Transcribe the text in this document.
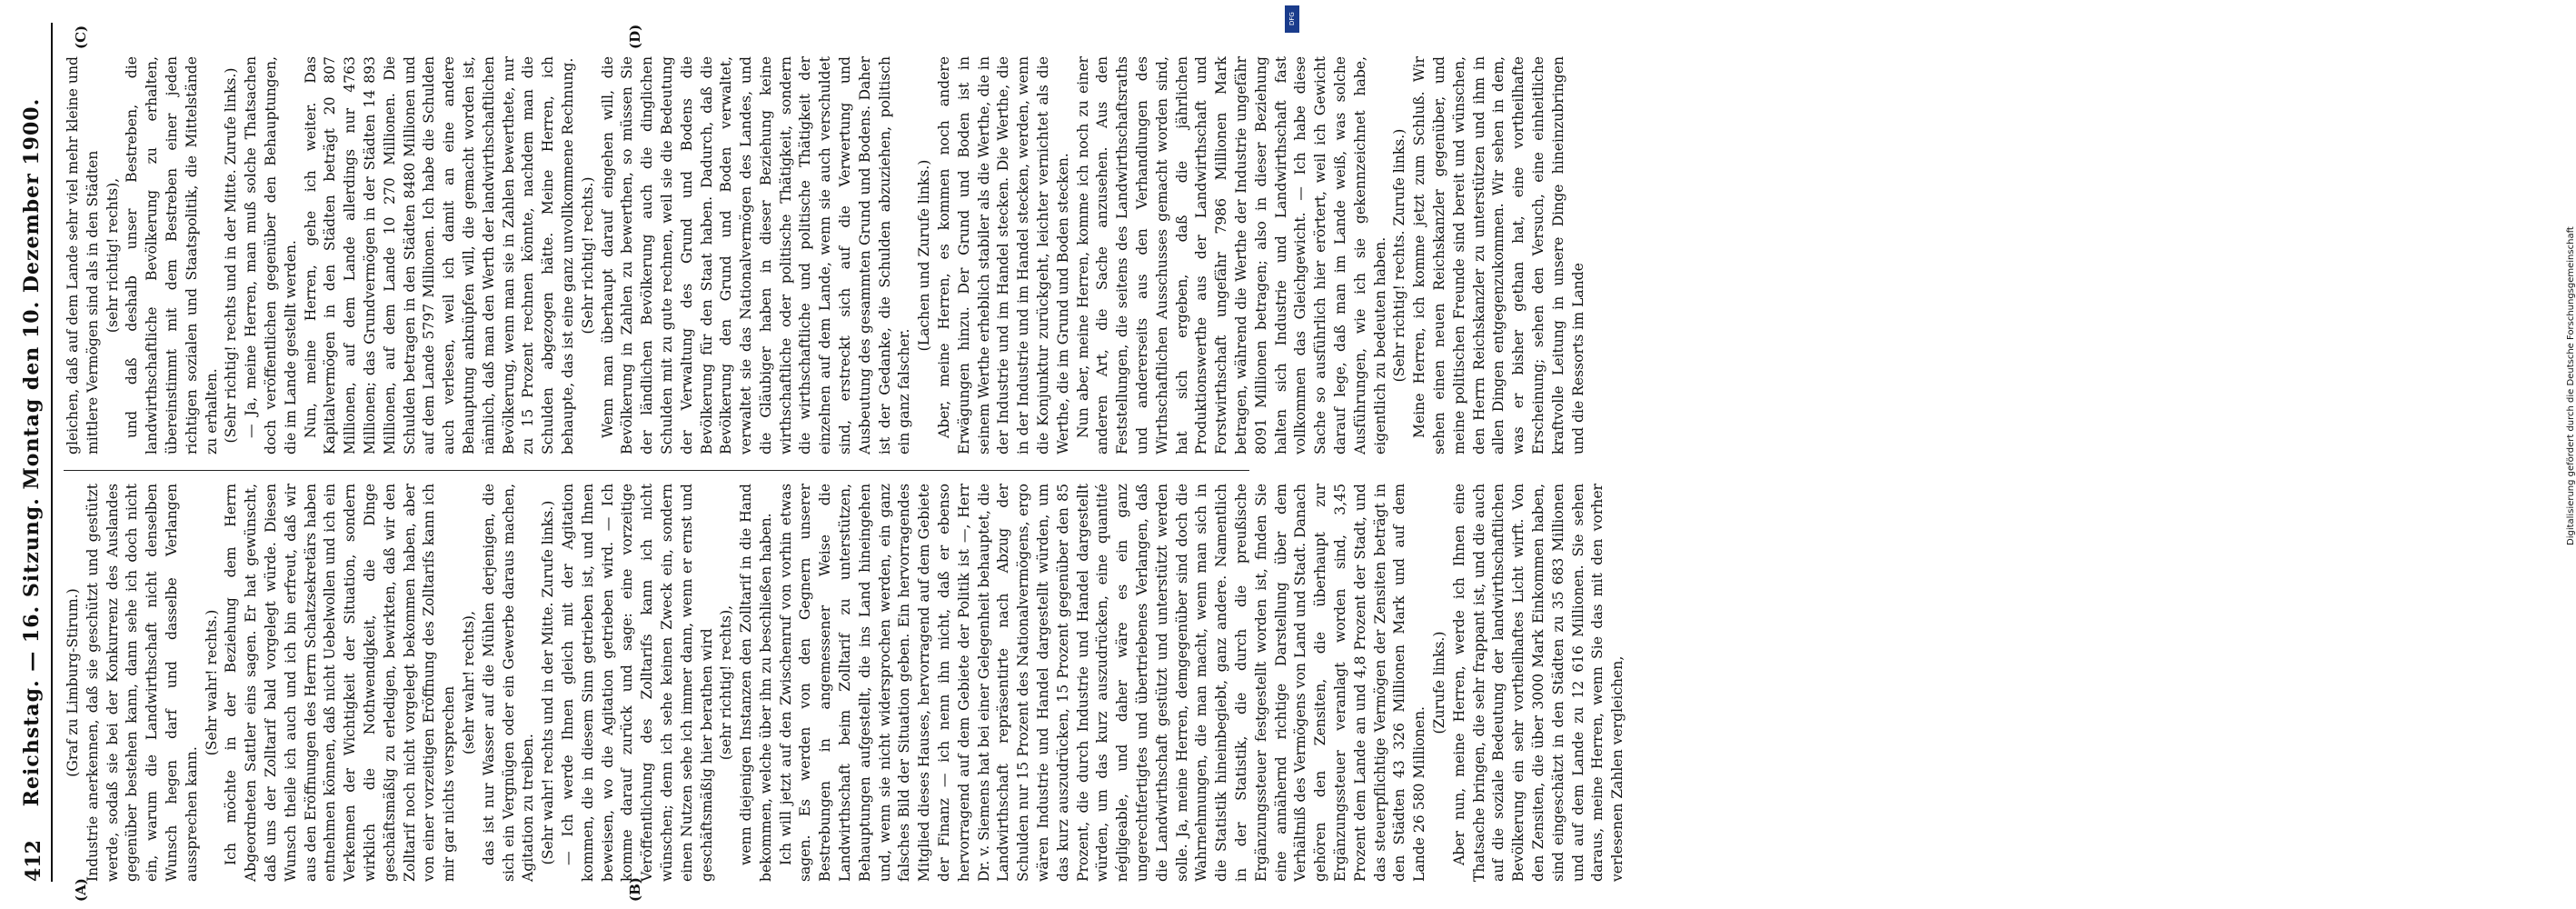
412
Reichstag. — 16. Sitzung. Montag den 10. Dezember 1900.
(A)	(B)
(C)	(D)

(Graf zu Limburg-Stirum.) Industrie anerkennen, daß sie geschützt und gestützt werde, sodaß sie bei der Konkurrenz des Auslandes gegenüber bestehen kann, dann sehe ich doch nicht ein, warum die Landwirthschaft nicht denselben Wunsch hegen darf und dasselbe Verlangen aussprechen kann.

(Sehr wahr! rechts.) Ich möchte in der Beziehung dem Herrn Abgeordneten Sattler eins sagen. Er hat gewünscht, daß uns der Zolltarif bald vorgelegt würde. Diesen Wunsch theile ich auch und ich bin erfreut, daß wir aus den Eröffnungen des Herrn Schatzsekretärs haben entnehmen können, daß nicht Uebelwollen und ich ein Verkennen der Wichtigkeit der Situation, sondern wirklich die Nothwendigkeit, die Dinge geschäftsmäßig zu erledigen, bewirkten, daß wir den Zolltarif noch nicht vorgelegt bekommen haben, aber von einer vorzeitigen Eröffnung des Zolltarifs kann ich mir gar nichts versprechen

(sehr wahr! rechts), das ist nur Wasser auf die Mühlen derjenigen, die sich ein Vergnügen oder ein Gewerbe daraus machen, Agitation zu treiben. (Sehr wahr! rechts und in der Mitte. Zurufe links.) — Ich werde Ihnen gleich mit der Agitation kommen, die in diesem Sinn getrieben ist, und Ihnen beweisen, wo die Agitation getrieben wird. — Ich komme darauf zurück und sage: eine vorzeitige Veröffentlichung des Zolltarifs kann ich nicht wünschen; denn ich sehe keinen Zweck ein, sondern einen Nutzen sehe ich immer dann, wenn er ernst und geschäftsmäßig hier berathen wird (sehr richtig! rechts), wenn diejenigen Instanzen den Zolltarif in die Hand bekommen, welche über ihn zu beschließen haben. Ich will jetzt auf den Zwischenruf von vorhin etwas sagen. Es werden von den Gegnern unserer Bestrebungen in angemessener Weise die Landwirthschaft beim Zolltarif zu unterstützen, Behauptungen aufgestellt, die ins Land hineingehen und, wenn sie nicht widersprochen werden, ein ganz falsches Bild der Situation geben. Ein hervorragendes Mitglied dieses Hauses, hervorragend auf dem Gebiete der Finanz — ich nenn ihn nicht, daß er ebenso hervorragend auf dem Gebiete der Politik ist —, Herr Dr. v. Siemens hat bei einer Gelegenheit behauptet, die Landwirthschaft repräsentirte nach Abzug der Schulden nur 15 Prozent des Nationalvermögens, ergo wären Industrie und Handel dargestellt würden, um das kurz auszudrücken, 15 Prozent gegenüber den 85 Prozent, die durch Industrie und Handel dargestellt würden, um das kurz auszudrücken, eine quantité négligeable, und daher wäre es ein ganz ungerechtfertigtes und übertriebenes Verlangen, daß die Landwirthschaft gestützt und unterstützt werden solle. Ja, meine Herren, demgegenüber sind doch die Wahrnehmungen, die man macht, wenn man sich in die Statistik hineinbegiebt, ganz andere. Namentlich in der Statistik, die durch die preußische Ergänzungssteuer festgestellt worden ist, finden Sie eine annähernd richtige Darstellung über dem Verhältniß des Vermögens von Land und Stadt. Danach gehören den Zensiten, die überhaupt zur Ergänzungssteuer veranlagt worden sind, 3,45 Prozent dem Lande an und 4,8 Prozent der Stadt, und das steuerpflichtige Vermögen der Zensiten beträgt in den Städten 43 326 Millionen Mark und auf dem Lande 26 580 Millionen.

(Zurufe links.) Aber nun, meine Herren, werde ich Ihnen eine Thatsache bringen, die sehr frappant ist, und die auch auf die soziale Bedeutung der landwirthschaftlichen Bevölkerung ein sehr vortheilhaftes Licht wirft. Von den Zensiten, die über 3000 Mark Einkommen haben, sind eingeschätzt in den Städten zu 35 683 Millionen und auf dem Lande zu 12 616 Millionen. Sie sehen daraus, meine Herren, wenn Sie das mit den vorher verlesenen Zahlen vergleichen,

gleichen, daß auf dem Lande sehr viel mehr kleine und mittlere Vermögen sind als in den Städten (sehr richtig! rechts), und daß deshalb unser Bestreben, die landwirthschaftliche Bevölkerung zu erhalten, übereinstimmt mit dem Bestreben einer jeden richtigen sozialen und Staatspolitik, die Mittelstände zu erhalten. (Sehr richtig! rechts und in der Mitte. Zurufe links.) — Ja, meine Herren, man muß solche Thatsachen doch veröffentlichen gegenüber den Behauptungen, die im Lande gestellt werden. Nun, meine Herren, gehe ich weiter. Das Kapitalvermögen in den Städten beträgt 20 807 Millionen, auf dem Lande allerdings nur 4763 Millionen; das Grundvermögen in der Städten 14 893 Millionen, auf dem Lande 10 270 Millionen. Die Schulden betragen in den Städten 8480 Millionen und auf dem Lande 5797 Millionen. Ich habe die Schulden auch verlesen, weil ich damit an eine andere Behauptung anknüpfen will, die gemacht worden ist, nämlich, daß man den Werth der landwirthschaftlichen Bevölkerung, wenn man sie in Zahlen bewerthete, nur zu 15 Prozent rechnen könnte, nachdem man die Schulden abgezogen hätte. Meine Herren, ich behaupte, das ist eine ganz unvollkommene Rechnung. (Sehr richtig! rechts.) Wenn man überhaupt darauf eingehen will, die Bevölkerung in Zahlen zu bewerthen, so müssen Sie der ländlichen Bevölkerung auch die dinglichen Schulden mit zu gute rechnen, weil sie die Bedeutung der Verwaltung des Grund und Bodens die Bevölkerung für den Staat haben. Dadurch, daß die Bevölkerung den Grund und Boden verwaltet, verwaltet sie das Nationalvermögen des Landes, und die Gläubiger haben in dieser Beziehung keine wirthschaftliche oder politische Thätigkeit, sondern die wirthschaftliche und politische Thätigkeit der einzelnen auf dem Lande, wenn sie auch verschuldet sind, erstreckt sich auf die Verwertung und Ausbeutung des gesammten Grund und Bodens. Daher ist der Gedanke, die Schulden abzuziehen, politisch ein ganz falscher.

(Lachen und Zurufe links.) Aber, meine Herren, es kommen noch andere Erwägungen hinzu. Der Grund und Boden ist in seinem Werthe erheblich stabiler als die Werthe, die in der Industrie und im Handel stecken. Die Werthe, die in der Industrie und im Handel stecken, werden, wenn die Konjunktur zurückgeht, leichter vernichtet als die Werthe, die im Grund und Boden stecken. Nun aber, meine Herren, komme ich noch zu einer anderen Art, die Sache anzusehen. Aus den Feststellungen, die seitens des Landwirthschaftsraths und andererseits aus den Verhandlungen des Wirthschaftlichen Ausschusses gemacht worden sind, hat sich ergeben, daß die jährlichen Produktionswerthe aus der Landwirthschaft und Forstwirthschaft ungefähr 7986 Millionen Mark betragen, während die Werthe der Industrie ungefähr 8091 Millionen betragen; also in dieser Beziehung halten sich Industrie und Landwirthschaft fast vollkommen das Gleichgewicht. — Ich habe diese Sache so ausführlich hier erörtert, weil ich Gewicht darauf lege, daß man im Lande weiß, was solche Ausführungen, wie ich sie gekennzeichnet habe, eigentlich zu bedeuten haben. (Sehr richtig! rechts. Zurufe links.) Meine Herren, ich komme jetzt zum Schluß. Wir sehen einen neuen Reichskanzler gegenüber, und meine politischen Freunde sind bereit und wünschen, den Herrn Reichskanzler zu unterstützen und ihm in allen Dingen entgegenzukommen. Wir sehen in dem, was er bisher gethan hat, eine vortheilhafte Erscheinung; sehen den Versuch, eine einheitliche kraftvolle Leitung in unsere Dinge hineinzubringen und die Ressorts im Lande

DFG
Digitalisierung gefördert durch die Deutsche Forschungsgemeinschaft
